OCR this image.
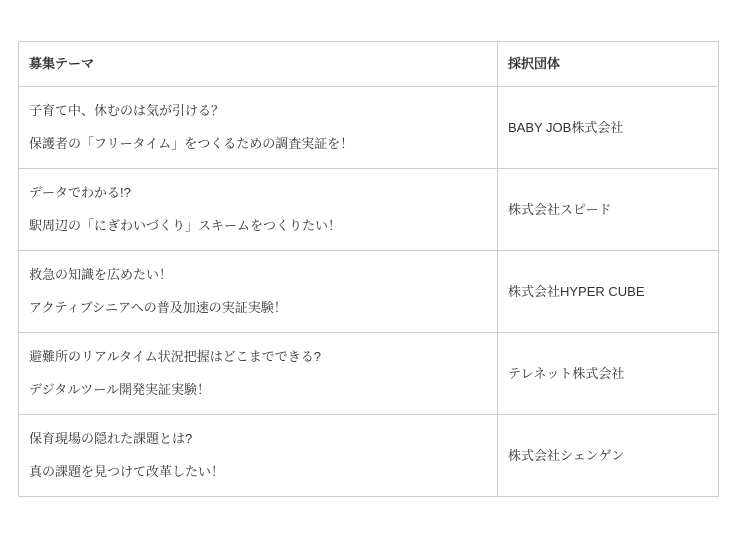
募集テーマ	採択団体

子育て中、休むのは気が引ける？

保護者の「フリータイム」をつくるための調査実証を！	BABY JOB株式会社

データでわかる!?

駅周辺の「にぎわいづくり」スキームをつくりたい！	株式会社スピード

救急の知識を広めたい！

アクティブシニアへの普及加速の実証実験！	株式会社HYPER CUBE

避難所のリアルタイム状況把握はどこまでできる?

デジタルツール開発実証実験！	テレネット株式会社

保育現場の隠れた課題とは?

真の課題を見つけて改革したい！	株式会社シェンゲン
